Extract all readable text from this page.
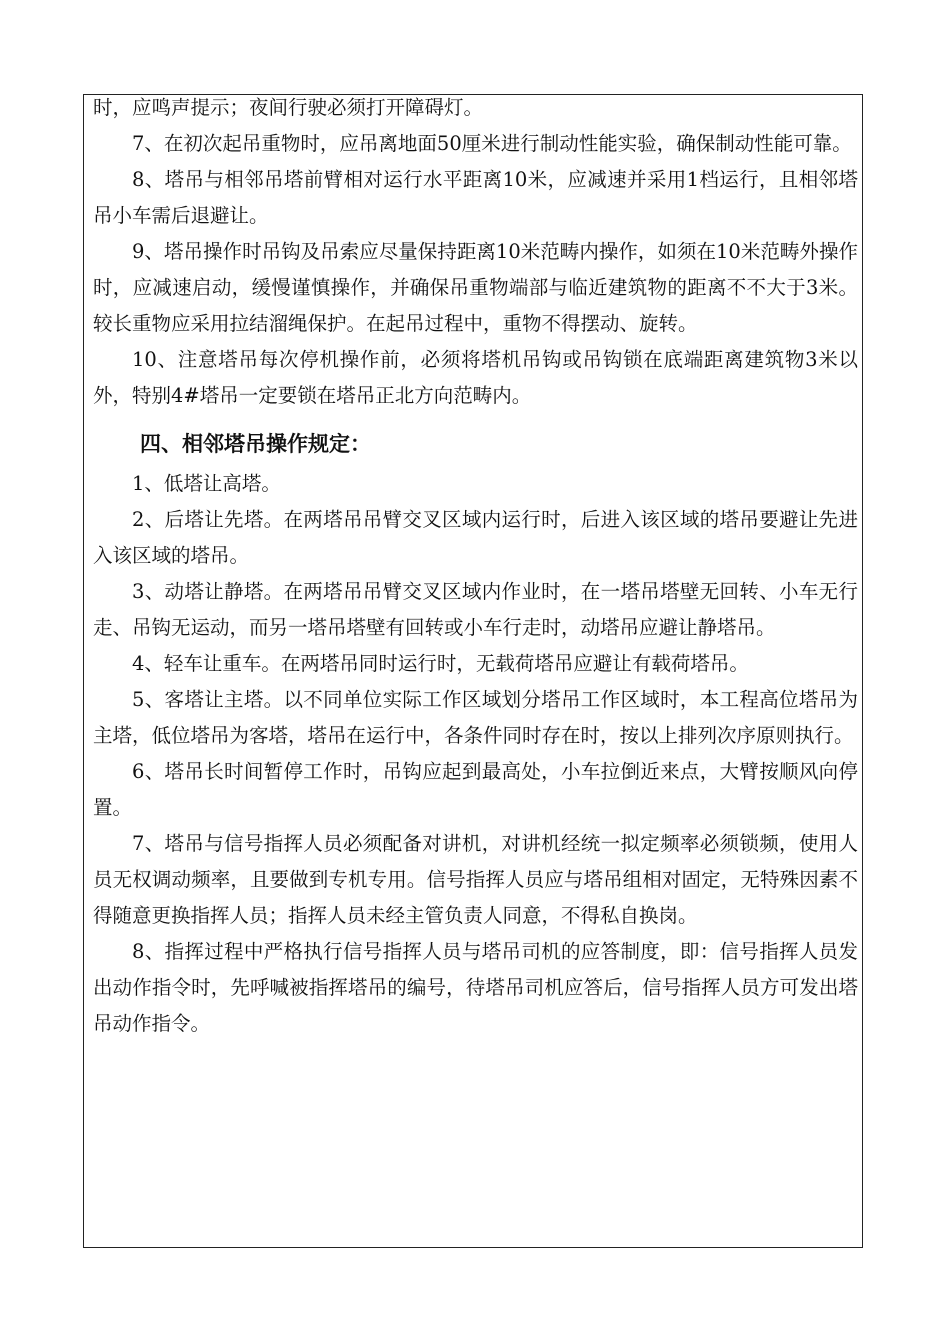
时，应鸣声提示；夜间行驶必须打开障碍灯。

7、在初次起吊重物时，应吊离地面50厘米进行制动性能实验，确保制动性能可靠。

8、塔吊与相邻吊塔前臂相对运行水平距离10米，应减速并采用1档运行，且相邻塔吊小车需后退避让。

9、塔吊操作时吊钩及吊索应尽量保持距离10米范畴内操作，如须在10米范畴外操作时，应减速启动，缓慢谨慎操作，并确保吊重物端部与临近建筑物的距离不不大于3米。较长重物应采用拉结溜绳保护。在起吊过程中，重物不得摆动、旋转。

10、注意塔吊每次停机操作前，必须将塔机吊钩或吊钩锁在底端距离建筑物3米以外，特别4#塔吊一定要锁在塔吊正北方向范畴内。

四、相邻塔吊操作规定：

1、低塔让高塔。

2、后塔让先塔。在两塔吊吊臂交叉区域内运行时，后进入该区域的塔吊要避让先进入该区域的塔吊。

3、动塔让静塔。在两塔吊吊臂交叉区域内作业时，在一塔吊塔壁无回转、小车无行走、吊钩无运动，而另一塔吊塔壁有回转或小车行走时，动塔吊应避让静塔吊。

4、轻车让重车。在两塔吊同时运行时，无载荷塔吊应避让有载荷塔吊。

5、客塔让主塔。以不同单位实际工作区域划分塔吊工作区域时，本工程高位塔吊为主塔，低位塔吊为客塔，塔吊在运行中，各条件同时存在时，按以上排列次序原则执行。

6、塔吊长时间暂停工作时，吊钩应起到最高处，小车拉倒近来点，大臂按顺风向停置。

7、塔吊与信号指挥人员必须配备对讲机，对讲机经统一拟定频率必须锁频，使用人员无权调动频率，且要做到专机专用。信号指挥人员应与塔吊组相对固定，无特殊因素不得随意更换指挥人员；指挥人员未经主管负责人同意，不得私自换岗。

8、指挥过程中严格执行信号指挥人员与塔吊司机的应答制度，即：信号指挥人员发出动作指令时，先呼喊被指挥塔吊的编号，待塔吊司机应答后，信号指挥人员方可发出塔吊动作指令。
